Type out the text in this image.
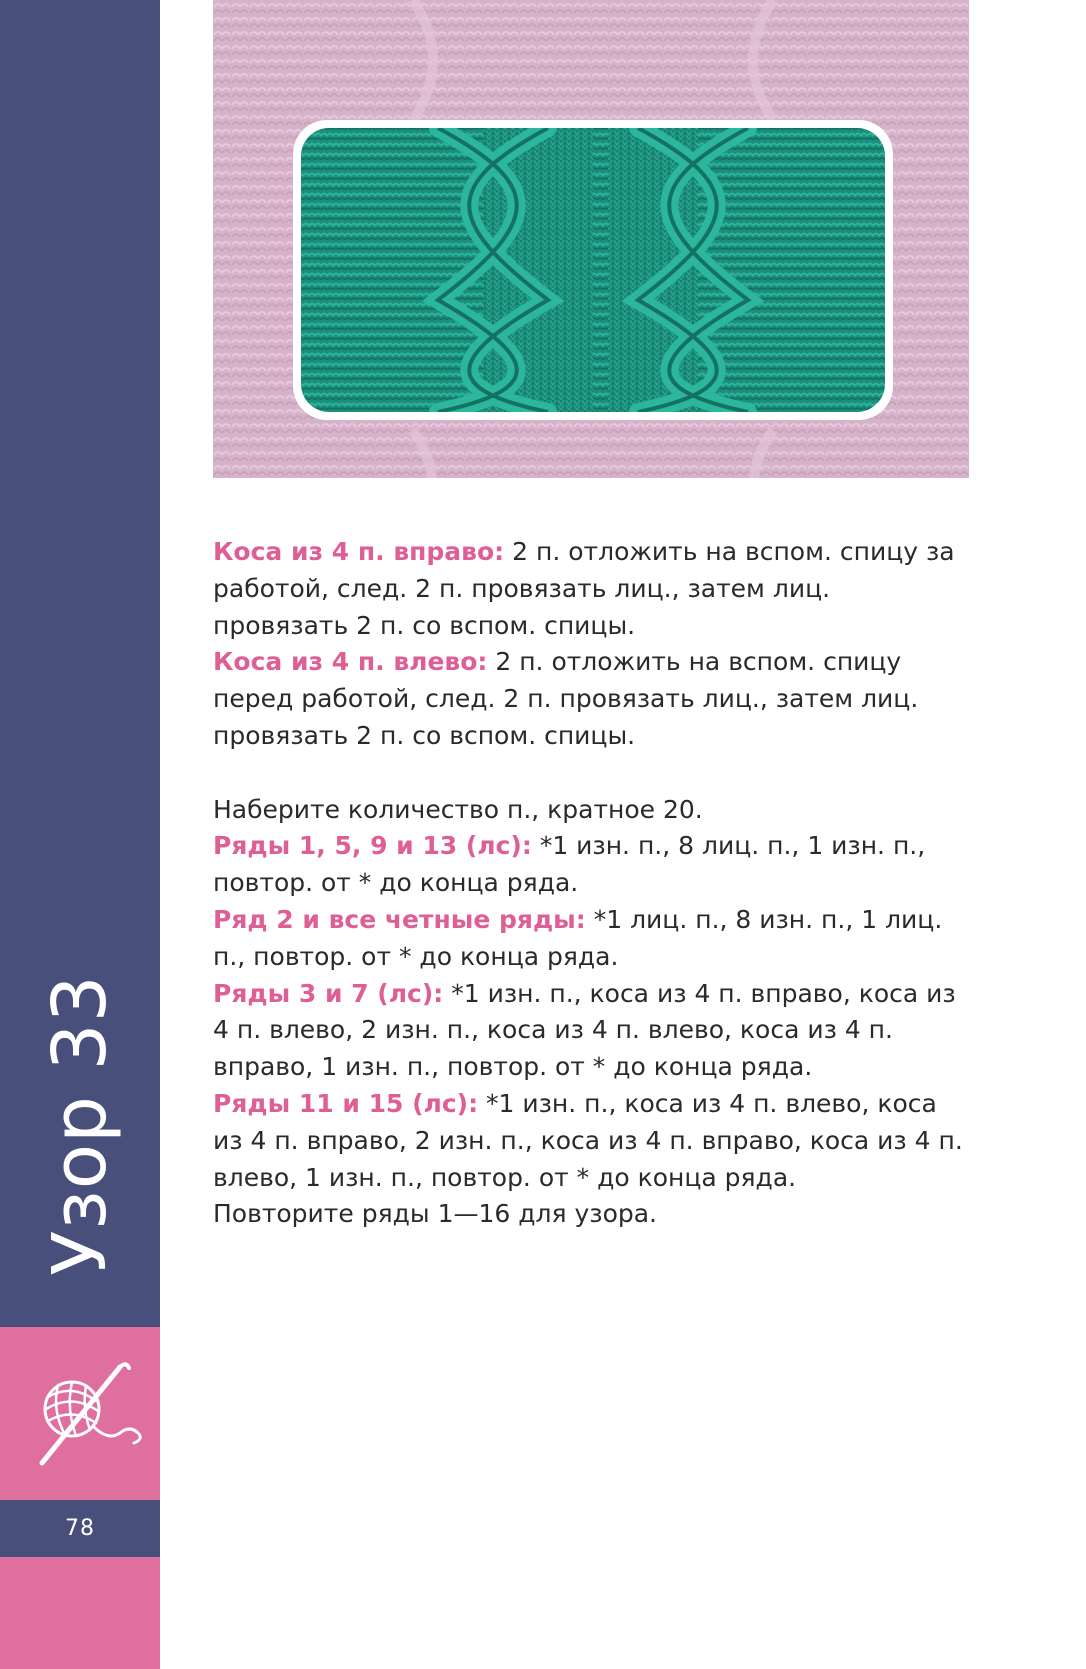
Узор 33
78

Коса из 4 п. вправо: 2 п. отложить на вспом. спицу за работой, след. 2 п. провязать лиц., затем лиц. провязать 2 п. со вспом. спицы.

Коса из 4 п. влево: 2 п. отложить на вспом. спицу перед работой, след. 2 п. провязать лиц., затем лиц. провязать 2 п. со вспом. спицы.

Наберите количество п., кратное 20.

Ряды 1, 5, 9 и 13 (лс): *1 изн. п., 8 лиц. п., 1 изн. п., повтор. от * до конца ряда.

Ряд 2 и все четные ряды: *1 лиц. п., 8 изн. п., 1 лиц. п., повтор. от * до конца ряда.

Ряды 3 и 7 (лс): *1 изн. п., коса из 4 п. вправо, коса из 4 п. влево, 2 изн. п., коса из 4 п. влево, коса из 4 п. вправо, 1 изн. п., повтор. от * до конца ряда.

Ряды 11 и 15 (лс): *1 изн. п., коса из 4 п. влево, коса из 4 п. вправо, 2 изн. п., коса из 4 п. вправо, коса из 4 п. влево, 1 изн. п., повтор. от * до конца ряда.

Повторите ряды 1—16 для узора.
